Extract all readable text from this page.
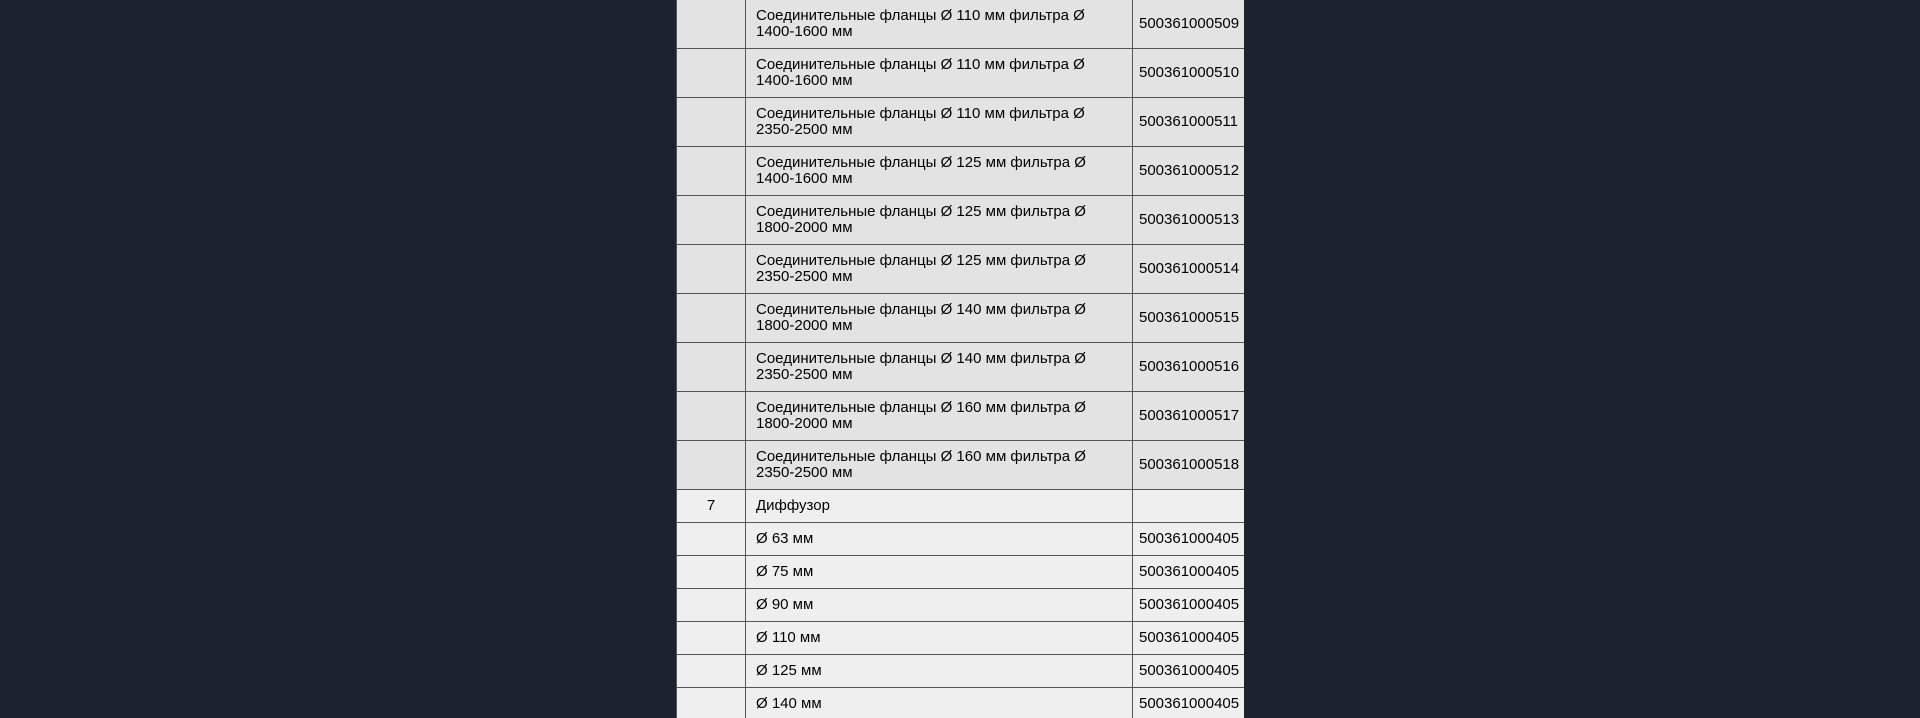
	Соединительные фланцы Ø 110 мм фильтра Ø 1400-1600 мм	500361000509
	Соединительные фланцы Ø 110 мм фильтра Ø 1400-1600 мм	500361000510
	Соединительные фланцы Ø 110 мм фильтра Ø 2350-2500 мм	500361000511
	Соединительные фланцы Ø 125 мм фильтра Ø 1400-1600 мм	500361000512
	Соединительные фланцы Ø 125 мм фильтра Ø 1800-2000 мм	500361000513
	Соединительные фланцы Ø 125 мм фильтра Ø 2350-2500 мм	500361000514
	Соединительные фланцы Ø 140 мм фильтра Ø 1800-2000 мм	500361000515
	Соединительные фланцы Ø 140 мм фильтра Ø 2350-2500 мм	500361000516
	Соединительные фланцы Ø 160 мм фильтра Ø 1800-2000 мм	500361000517
	Соединительные фланцы Ø 160 мм фильтра Ø 2350-2500 мм	500361000518
7	Диффузор	
	Ø 63 мм	500361000405
	Ø 75 мм	500361000405
	Ø 90 мм	500361000405
	Ø 110 мм	500361000405
	Ø 125 мм	500361000405
	Ø 140 мм	500361000405
